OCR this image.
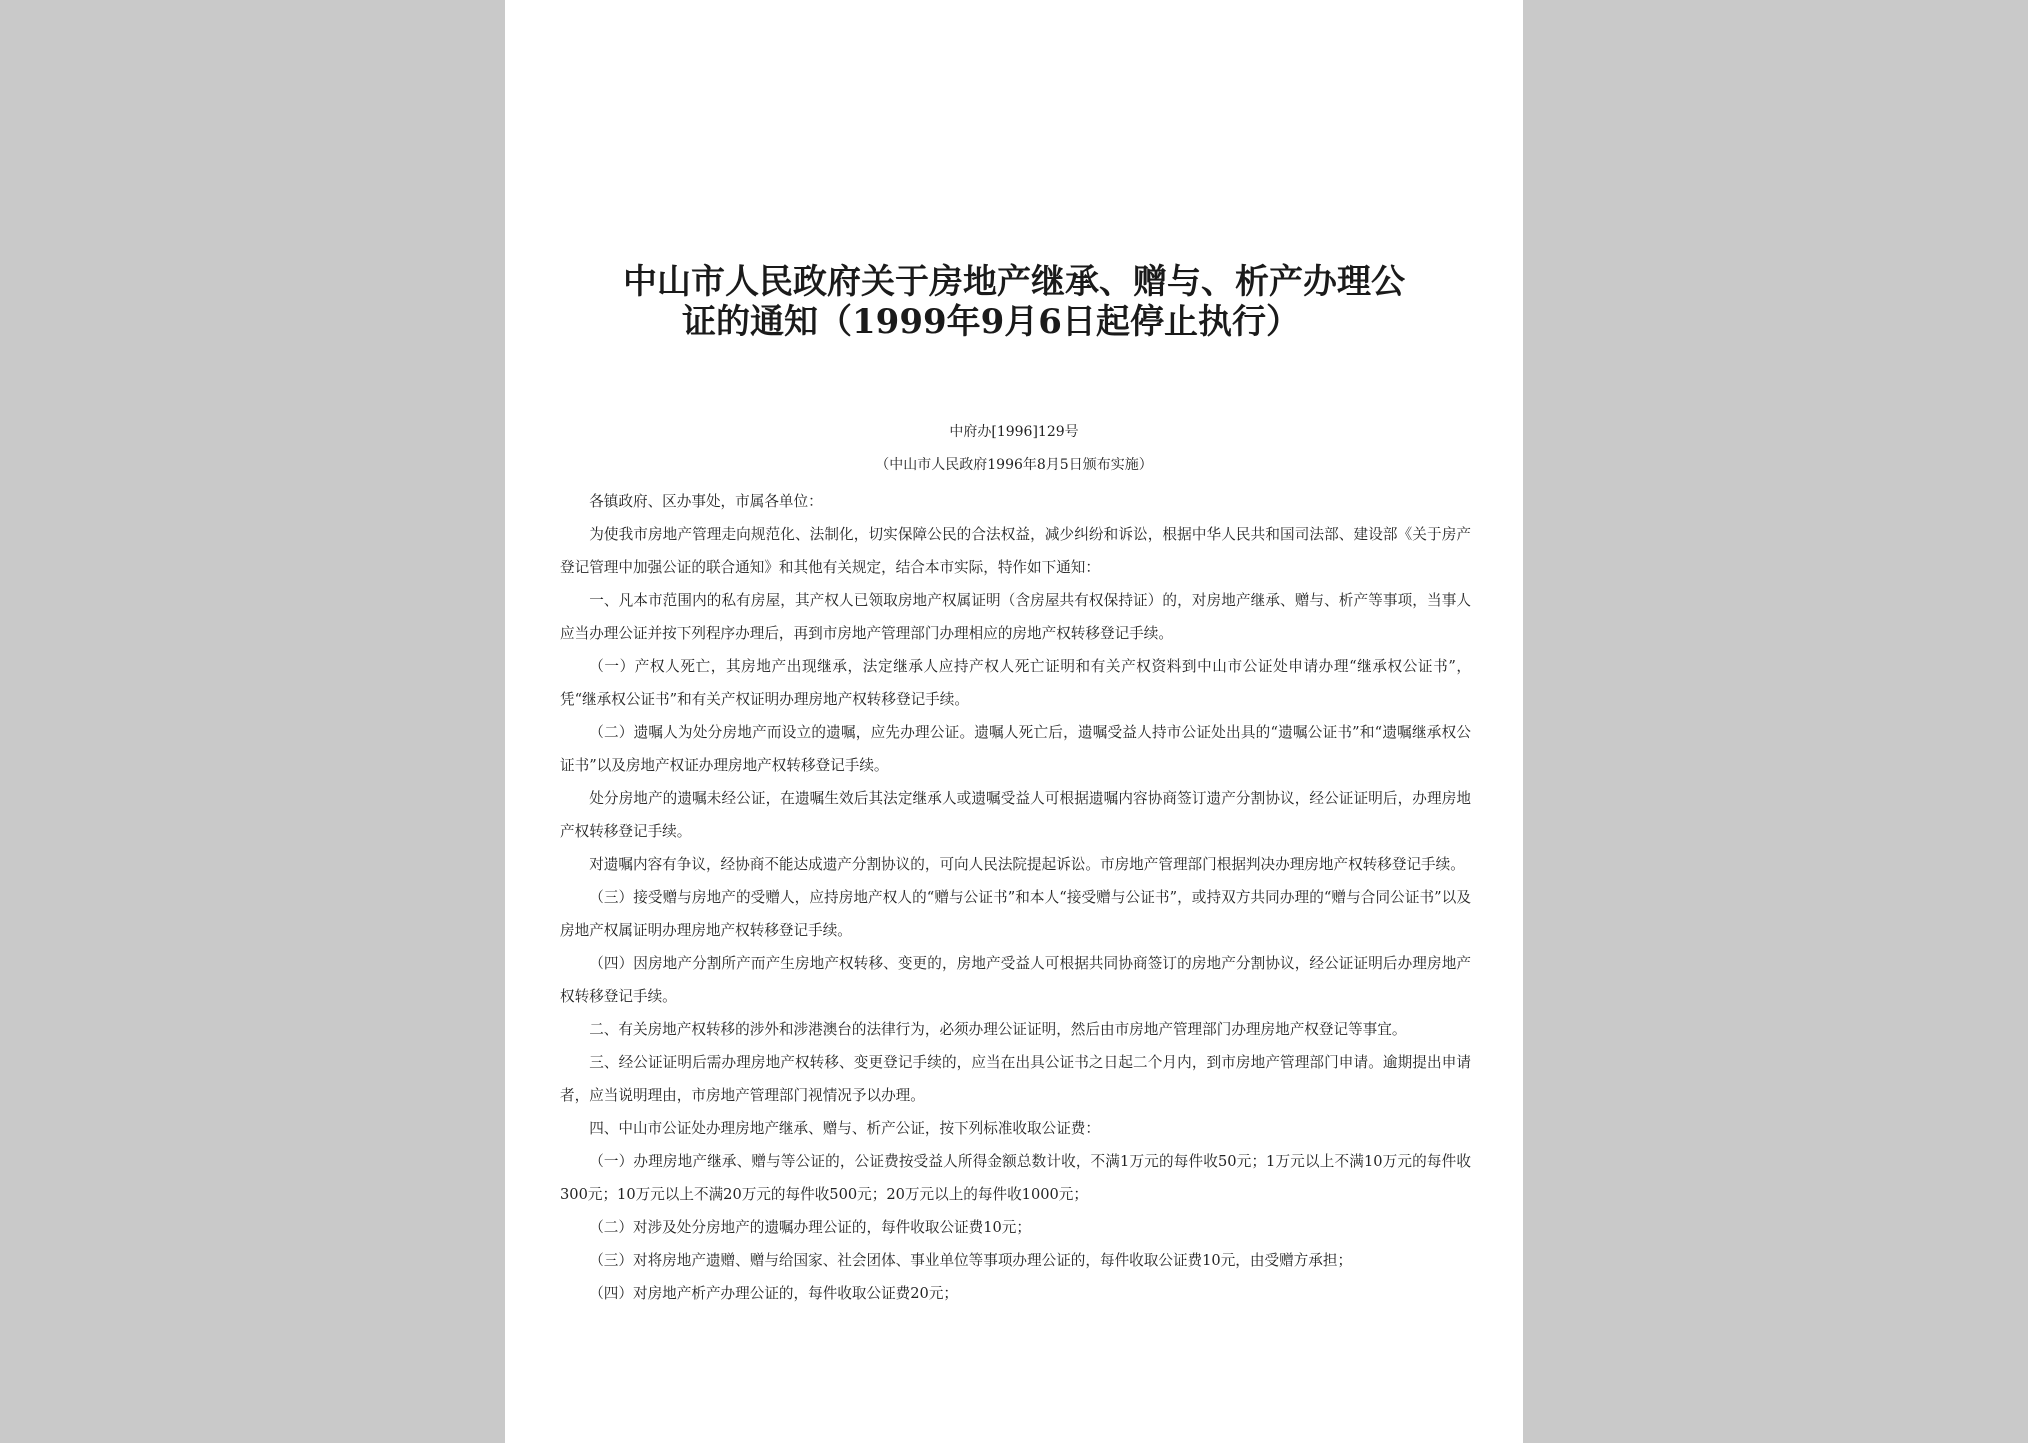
中山市人民政府关于房地产继承、赠与、析产办理公
证的通知（1999年9月6日起停止执行）

中府办[1996]129号

（中山市人民政府1996年8月5日颁布实施）

各镇政府、区办事处，市属各单位：

为使我市房地产管理走向规范化、法制化，切实保障公民的合法权益，减少纠纷和诉讼，根据中华人民共和国司法部、建设部《关于房产登记管理中加强公证的联合通知》和其他有关规定，结合本市实际，特作如下通知：

一、凡本市范围内的私有房屋，其产权人已领取房地产权属证明（含房屋共有权保持证）的，对房地产继承、赠与、析产等事项，当事人应当办理公证并按下列程序办理后，再到市房地产管理部门办理相应的房地产权转移登记手续。

（一）产权人死亡，其房地产出现继承，法定继承人应持产权人死亡证明和有关产权资料到中山市公证处申请办理“继承权公证书”，凭“继承权公证书”和有关产权证明办理房地产权转移登记手续。

（二）遗嘱人为处分房地产而设立的遗嘱，应先办理公证。遗嘱人死亡后，遗嘱受益人持市公证处出具的“遗嘱公证书”和“遗嘱继承权公证书”以及房地产权证办理房地产权转移登记手续。

处分房地产的遗嘱未经公证，在遗嘱生效后其法定继承人或遗嘱受益人可根据遗嘱内容协商签订遗产分割协议，经公证证明后，办理房地产权转移登记手续。

对遗嘱内容有争议，经协商不能达成遗产分割协议的，可向人民法院提起诉讼。市房地产管理部门根据判决办理房地产权转移登记手续。

（三）接受赠与房地产的受赠人，应持房地产权人的“赠与公证书”和本人“接受赠与公证书”，或持双方共同办理的“赠与合同公证书”以及房地产权属证明办理房地产权转移登记手续。

（四）因房地产分割所产而产生房地产权转移、变更的，房地产受益人可根据共同协商签订的房地产分割协议，经公证证明后办理房地产权转移登记手续。

二、有关房地产权转移的涉外和涉港澳台的法律行为，必须办理公证证明，然后由市房地产管理部门办理房地产权登记等事宜。

三、经公证证明后需办理房地产权转移、变更登记手续的，应当在出具公证书之日起二个月内，到市房地产管理部门申请。逾期提出申请者，应当说明理由，市房地产管理部门视情况予以办理。

四、中山市公证处办理房地产继承、赠与、析产公证，按下列标准收取公证费：

（一）办理房地产继承、赠与等公证的，公证费按受益人所得金额总数计收，不满1万元的每件收50元；1万元以上不满10万元的每件收300元；10万元以上不满20万元的每件收500元；20万元以上的每件收1000元；

（二）对涉及处分房地产的遗嘱办理公证的，每件收取公证费10元；

（三）对将房地产遗赠、赠与给国家、社会团体、事业单位等事项办理公证的，每件收取公证费10元，由受赠方承担；

（四）对房地产析产办理公证的，每件收取公证费20元；
